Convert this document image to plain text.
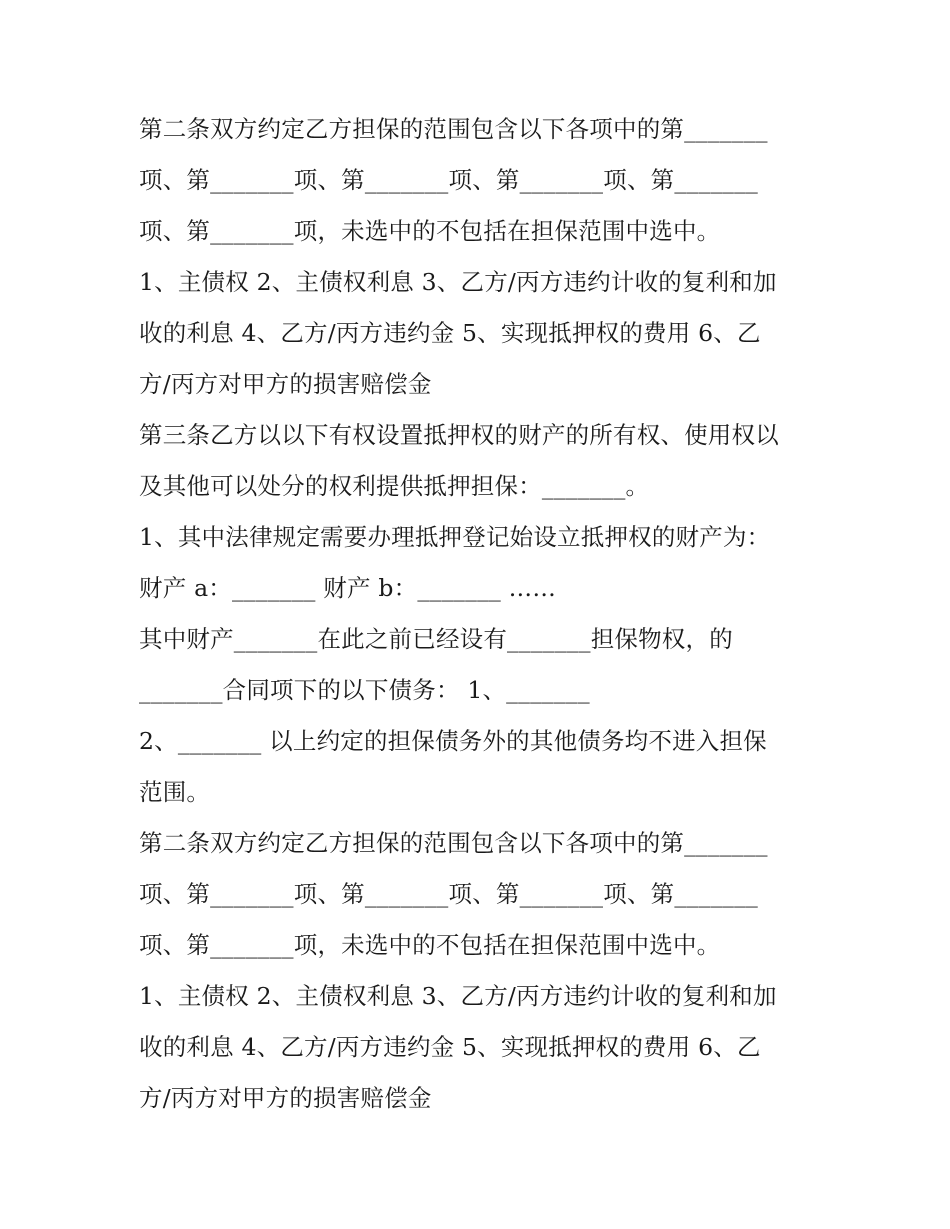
第二条双方约定乙方担保的范围包含以下各项中的第_______
项、第_______项、第_______项、第_______项、第_______
项、第_______项，未选中的不包括在担保范围中选中。
1、主债权 2、主债权利息 3、乙方/丙方违约计收的复利和加
收的利息 4、乙方/丙方违约金 5、实现抵押权的费用 6、乙
方/丙方对甲方的损害赔偿金
第三条乙方以以下有权设置抵押权的财产的所有权、使用权以
及其他可以处分的权利提供抵押担保：_______。
1、其中法律规定需要办理抵押登记始设立抵押权的财产为：
财产 a：_______ 财产 b：_______ ……
其中财产_______在此之前已经设有_______担保物权，的
_______合同项下的以下债务： 1、_______
2、_______ 以上约定的担保债务外的其他债务均不进入担保
范围。
第二条双方约定乙方担保的范围包含以下各项中的第_______
项、第_______项、第_______项、第_______项、第_______
项、第_______项，未选中的不包括在担保范围中选中。
1、主债权 2、主债权利息 3、乙方/丙方违约计收的复利和加
收的利息 4、乙方/丙方违约金 5、实现抵押权的费用 6、乙
方/丙方对甲方的损害赔偿金
